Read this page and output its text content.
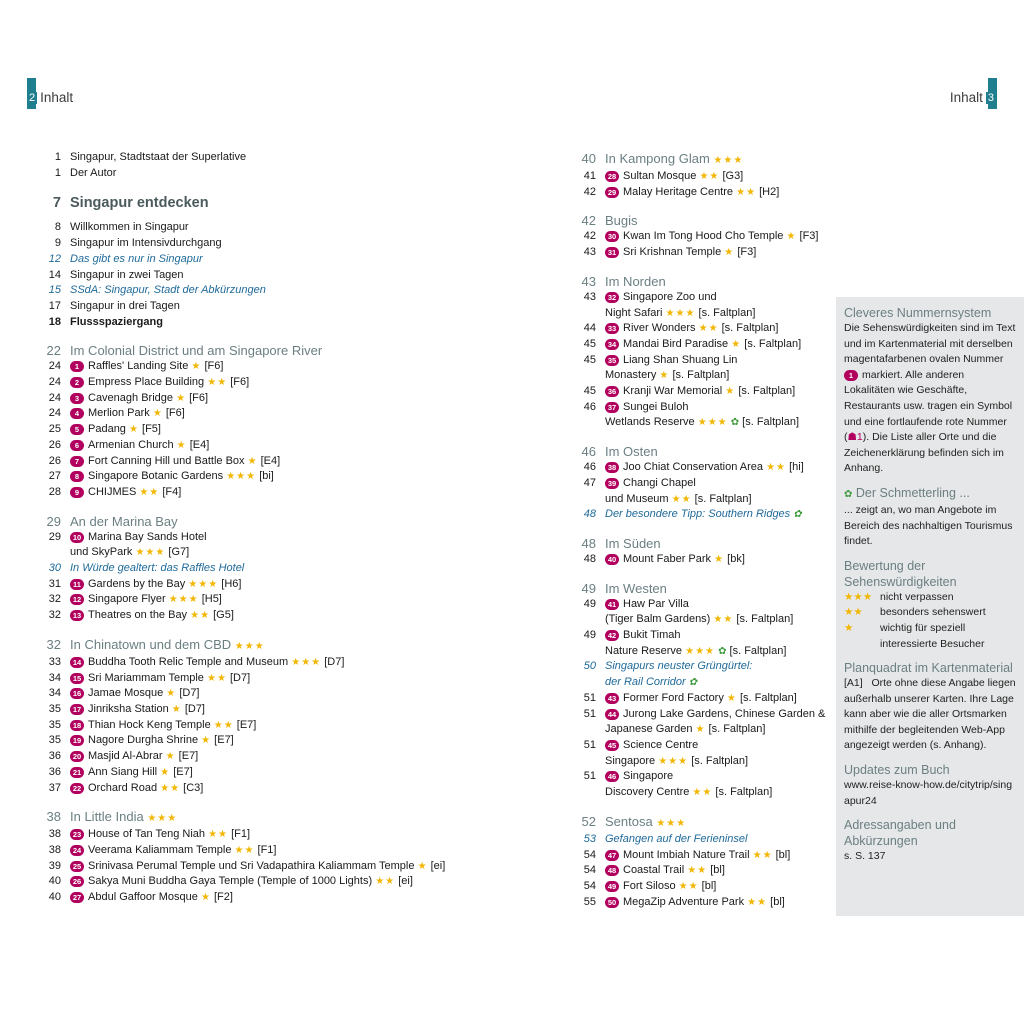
2 Inhalt	Inhalt 3
1 Singapur, Stadtstaat der Superlative
1 Der Autor
7 Singapur entdecken
8 Willkommen in Singapur
9 Singapur im Intensivdurchgang
12 Das gibt es nur in Singapur
14 Singapur in zwei Tagen
15 SSdA: Singapur, Stadt der Abkürzungen
17 Singapur in drei Tagen
18 Flussspaziergang
22 Im Colonial District und am Singapore River
24	1 Raffles' Landing Site ★ [F6]
24	2 Empress Place Building ★★ [F6]
24	3 Cavenagh Bridge ★ [F6]
24	4 Merlion Park ★ [F6]
25	5 Padang ★ [F5]
26	6 Armenian Church ★ [E4]
26	7 Fort Canning Hill und Battle Box ★ [E4]
27	8 Singapore Botanic Gardens ★★★ [bi]
28	9 CHIJMES ★★ [F4]
29 An der Marina Bay
29	10 Marina Bay Sands Hotel
und SkyPark ★★★ [G7]
30 In Würde gealtert: das Raffles Hotel
31	11 Gardens by the Bay ★★★ [H6]
32	12 Singapore Flyer ★★★ [H5]
32	13 Theatres on the Bay ★★ [G5]
32 In Chinatown und dem CBD ★★★
33	14 Buddha Tooth Relic Temple and Museum ★★★ [D7]
34	15 Sri Mariammam Temple ★★ [D7]
34	16 Jamae Mosque ★ [D7]
35	17 Jinriksha Station ★ [D7]
35	18 Thian Hock Keng Temple ★★ [E7]
35	19 Nagore Durgha Shrine ★ [E7]
36	20 Masjid Al-Abrar ★ [E7]
36	21 Ann Siang Hill ★ [E7]
37	22 Orchard Road ★★ [C3]
38 In Little India ★★★
38	23 House of Tan Teng Niah ★★ [F1]
38	24 Veerama Kaliammam Temple ★★ [F1]
39	25 Srinivasa Perumal Temple und Sri Vadapathira Kaliammam Temple ★ [ei]
40	26 Sakya Muni Buddha Gaya Temple (Temple of 1000 Lights) ★★ [ei]
40	27 Abdul Gaffoor Mosque ★ [F2]
40 In Kampong Glam ★★★
41	28 Sultan Mosque ★★ [G3]
42	29 Malay Heritage Centre ★★ [H2]
42 Bugis
42	30 Kwan Im Tong Hood Cho Temple ★ [F3]
43	31 Sri Krishnan Temple ★ [F3]
43 Im Norden
43	32 Singapore Zoo und
Night Safari ★★★ [s. Faltplan]
44	33 River Wonders ★★ [s. Faltplan]
45	34 Mandai Bird Paradise ★ [s. Faltplan]
45	35 Liang Shan Shuang Lin
Monastery ★ [s. Faltplan]
45	36 Kranji War Memorial ★ [s. Faltplan]
46	37 Sungei Buloh
Wetlands Reserve ★★★ ✿ [s. Faltplan]
46 Im Osten
46	38 Joo Chiat Conservation Area ★★ [hi]
47	39 Changi Chapel
und Museum ★★ [s. Faltplan]
48 Der besondere Tipp: Southern Ridges ✿
48 Im Süden
48	40 Mount Faber Park ★ [bk]
49 Im Westen
49	41 Haw Par Villa
(Tiger Balm Gardens) ★★ [s. Faltplan]
49	42 Bukit Timah
Nature Reserve ★★★ ✿ [s. Faltplan]
50 Singapurs neuster Grüngürtel:
der Rail Corridor ✿
51	43 Former Ford Factory ★ [s. Faltplan]
51	44 Jurong Lake Gardens, Chinese Garden &
Japanese Garden ★ [s. Faltplan]
51	45 Science Centre
Singapore ★★★ [s. Faltplan]
51	46 Singapore
Discovery Centre ★★ [s. Faltplan]
52 Sentosa ★★★
53 Gefangen auf der Ferieninsel
54	47 Mount Imbiah Nature Trail ★★ [bl]
54	48 Coastal Trail ★★ [bl]
54	49 Fort Siloso ★★ [bl]
55	50 MegaZip Adventure Park ★★ [bl]
Cleveres Nummernsystem

Die Sehenswürdigkeiten sind im Text und im Kartenmaterial mit derselben magentafarbenen ovalen Nummer 1 markiert. Alle anderen Lokalitäten wie Geschäfte, Restaurants usw. tragen ein Symbol und eine fortlaufende rote Nummer (☗1). Die Liste aller Orte und die Zeichenerklärung befinden sich im Anhang.

✿ Der Schmetterling ...

... zeigt an, wo man Angebote im Bereich des nachhaltigen Tourismus findet.

Bewertung der Sehenswürdigkeiten
★★★ nicht verpassen
★★	besonders sehenswert
★	wichtig für speziell interessierte Besucher
Planquadrat im Kartenmaterial

[A1] Orte ohne diese Angabe liegen außerhalb unserer Karten. Ihre Lage kann aber wie die aller Ortsmarken mithilfe der begleitenden Web-App angezeigt werden (s. Anhang).

Updates zum Buch

www.reise-know-how.de/citytrip/singapur24

Adressangaben und Abkürzungen

s. S. 137
